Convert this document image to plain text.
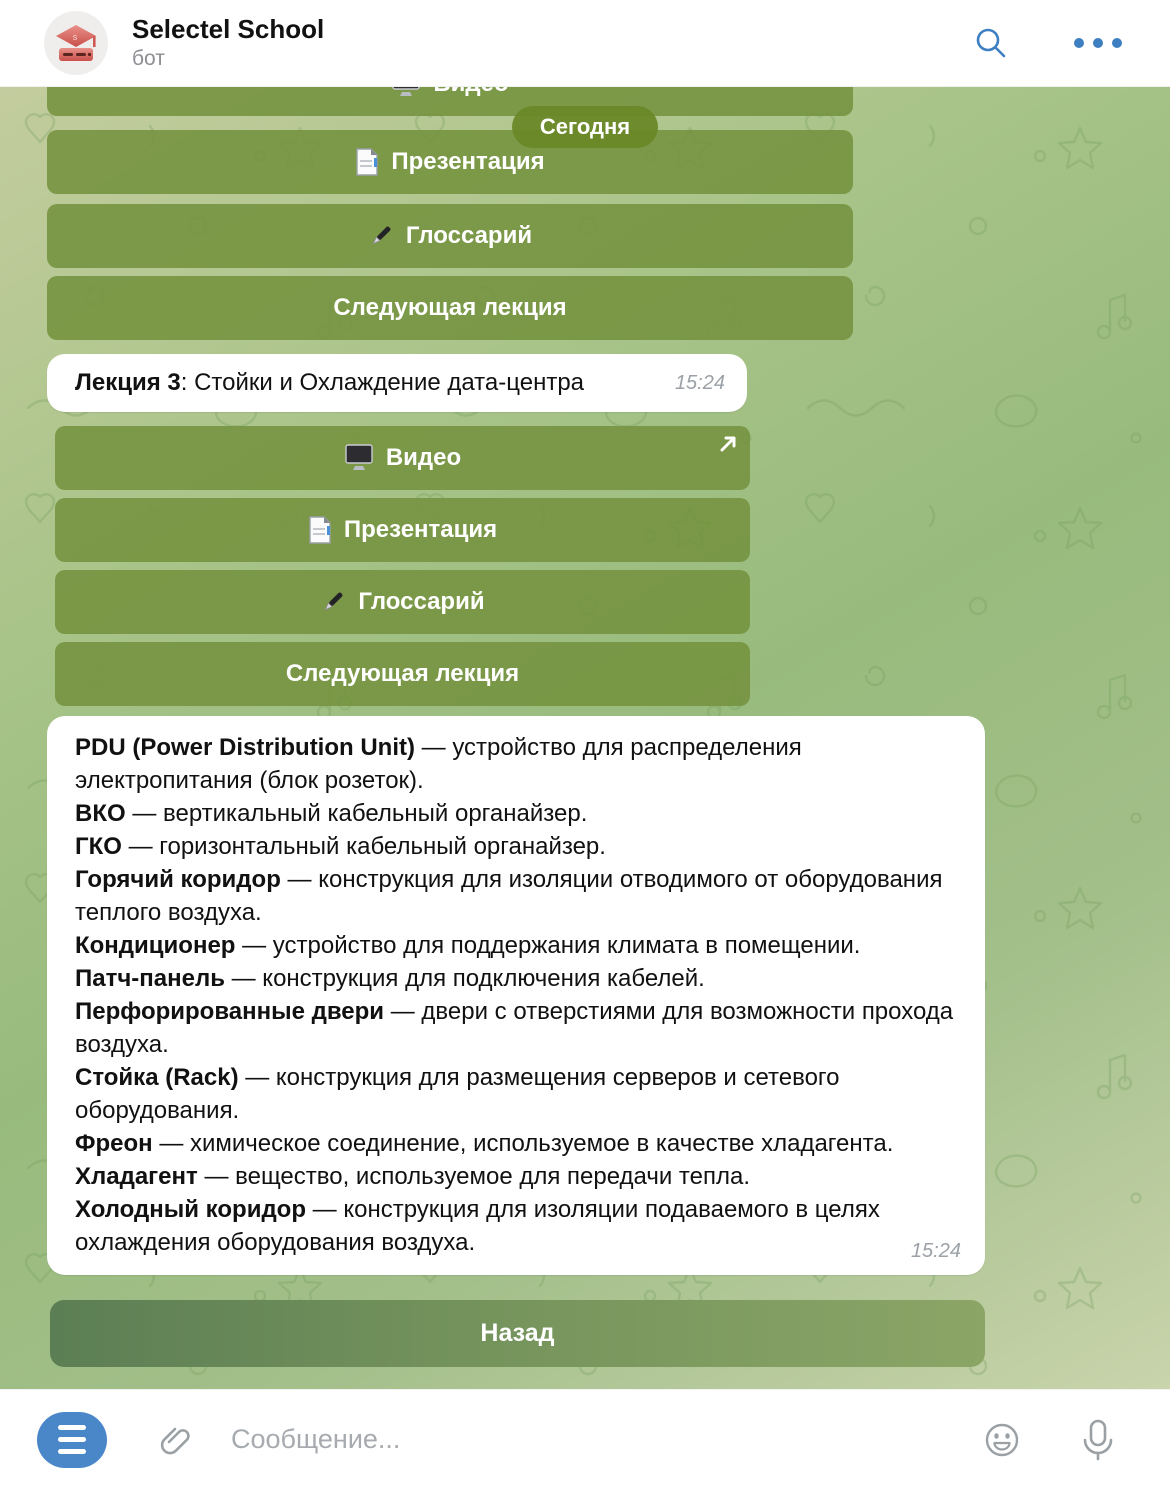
s Selectel School
бот
Сегодня
Презентация
Глоссарий
Следующая лекция
Лекция 3: Стойки и Охлаждение дата-центра	15:24
Видео
Презентация
Глоссарий
Следующая лекция
PDU (Power Distribution Unit) — устройство для распределения электропитания (блок розеток).
ВКО — вертикальный кабельный органайзер.
ГКО — горизонтальный кабельный органайзер.
Горячий коридор — конструкция для изоляции отводимого от оборудования теплого воздуха.
Кондиционер — устройство для поддержания климата в помещении.
Патч-панель — конструкция для подключения кабелей.
Перфорированные двери — двери с отверстиями для возможности прохода воздуха.
Стойка (Rack) — конструкция для размещения серверов и сетевого оборудования.
Фреон — химическое соединение, используемое в качестве хладагента.
Хладагент — вещество, используемое для передачи тепла.
Холодный коридор — конструкция для изоляции подаваемого в целях охлаждения оборудования воздуха.	15:24
Назад
Сообщение...
